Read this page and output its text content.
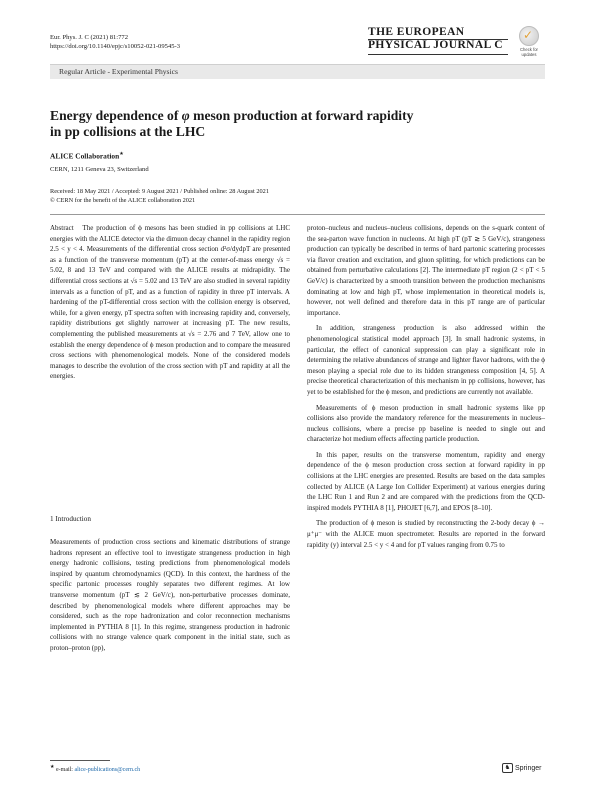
Eur. Phys. J. C (2021) 81:772
https://doi.org/10.1140/epjc/s10052-021-09545-3
THE EUROPEAN
PHYSICAL JOURNAL C
✓
Check for
updates
Regular Article - Experimental Physics
Energy dependence of φ meson production at forward rapidity
in pp collisions at the LHC
ALICE Collaboration★
CERN, 1211 Geneva 23, Switzerland
Received: 18 May 2021 / Accepted: 9 August 2021 / Published online: 28 August 2021
© CERN for the benefit of the ALICE collaboration 2021

Abstract The production of ϕ mesons has been studied in pp collisions at LHC energies with the ALICE detector via the dimuon decay channel in the rapidity region 2.5 < y < 4. Measurements of the differential cross section d²σ/dydpT are presented as a function of the transverse momentum (pT) at the center-of-mass energy √s = 5.02, 8 and 13 TeV and compared with the ALICE results at midrapidity. The differential cross sections at √s = 5.02 and 13 TeV are also studied in several rapidity intervals as a function of pT, and as a function of rapidity in three pT intervals. A hardening of the pT-differential cross section with the collision energy is observed, while, for a given energy, pT spectra soften with increasing rapidity and, conversely, rapidity distributions get slightly narrower at increasing pT. The new results, complementing the published measurements at √s = 2.76 and 7 TeV, allow one to establish the energy dependence of ϕ meson production and to compare the measured cross sections with phenomenological models. None of the considered models manages to describe the evolution of the cross section with pT and rapidity at all the energies.

1 Introduction

Measurements of production cross sections and kinematic distributions of strange hadrons represent an effective tool to investigate strangeness production in high energy hadronic collisions, testing predictions from phenomenological models inspired by quantum chromodynamics (QCD). In this context, the hardness of the specific partonic processes roughly separates two different regimes. At low transverse momentum (pT ≲ 2 GeV/c), non-perturbative processes dominate, described by phenomenological models where different approaches may be considered, such as the rope hadronization and color reconnection mechanisms implemented in PYTHIA 8 [1]. In this regime, strangeness production in hadronic collisions with no strange valence quark component in the initial state, such as proton–proton (pp),

proton–nucleus and nucleus–nucleus collisions, depends on the s-quark content of the sea-parton wave function in nucleons. At high pT (pT ≳ 5 GeV/c), strangeness production can typically be described in terms of hard partonic scattering processes via flavor creation and excitation, and gluon splitting, for which predictions can be obtained from perturbative calculations [2]. The intermediate pT region (2 < pT < 5 GeV/c) is characterized by a smooth transition between the production mechanisms dominating at low and high pT, whose implementation in theoretical models is, however, not well defined and therefore data in this pT range are of particular importance.

In addition, strangeness production is also addressed within the phenomenological statistical model approach [3]. In small hadronic systems, in particular, the effect of canonical suppression can play a significant role in determining the relative abundances of strange and lighter flavor hadrons, with the ϕ meson playing a special role due to its hidden strangeness composition [4, 5]. A precise theoretical characterization of this mechanism in pp collisions, however, has yet to be established for the ϕ meson, and predictions are currently not available.

Measurements of ϕ meson production in small hadronic systems like pp collisions also provide the mandatory reference for the measurements in nucleus–nucleus collisions, where a precise pp baseline is needed to single out and characterize hot medium effects affecting particle production.

In this paper, results on the transverse momentum, rapidity and energy dependence of the ϕ meson production cross section at forward rapidity in pp collisions at the LHC energies are presented. Results are based on the data samples collected by ALICE (A Large Ion Collider Experiment) at various energies during the LHC Run 1 and Run 2 and are compared with the predictions from the QCD-inspired models PYTHIA 8 [1], PHOJET [6,7], and EPOS [8–10].

The production of ϕ meson is studied by reconstructing the 2-body decay ϕ → μ⁺μ⁻ with the ALICE muon spectrometer. Results are reported in the forward rapidity (y) interval 2.5 < y < 4 and for pT values ranging from 0.75 to

★ e-mail: alice-publications@cern.ch	♞ Springer
